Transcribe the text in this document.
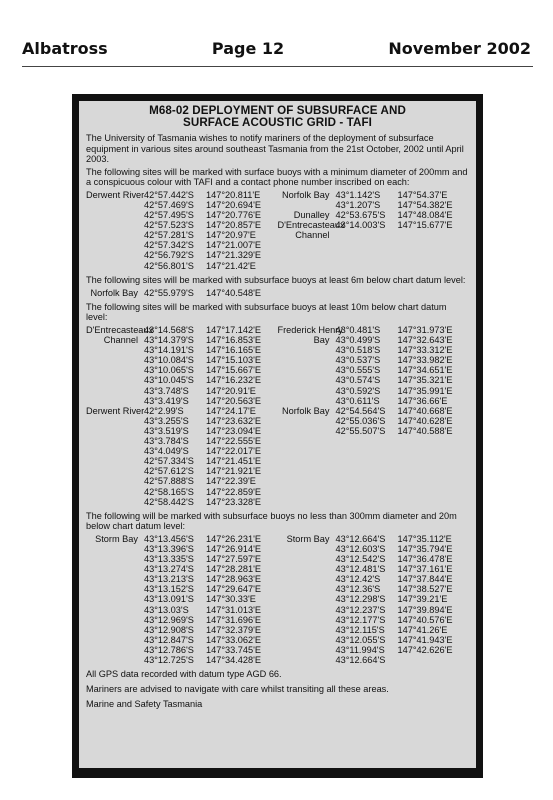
Albatross	Page 12	November 2002
M68-02 DEPLOYMENT OF SUBSURFACE AND
SURFACE ACOUSTIC GRID - TAFI
The University of Tasmania wishes to notify mariners of the deployment of subsurface equipment in various sites around southeast Tasmania from the 21st October, 2002 until April 2003.
The following sites will be marked with surface buoys with a minimum diameter of 200mm and a conspicuous colour with TAFI and a contact phone number inscribed on each:
Derwent River 42°57.442'S	147°20.811'E
42°57.469'S	147°20.694'E
42°57.495'S	147°20.776'E
42°57.523'S	147°20.857'E
42°57.281'S	147°20.97'E
42°57.342'S	147°21.007'E
42°56.792'S	147°21.329'E
42°56.801'S	147°21.42'E
Norfolk Bay 43°1.142'S	147°54.37'E
43°1.207'S	147°54.382'E
Dunalley 42°53.675'S	147°48.084'E
D'Entrecasteaux
43°14.003'S	147°15.677'E
Channel
The following sites will be marked with subsurface buoys at least 6m below chart datum level:
Norfolk Bay 42°55.979'S	147°40.548'E
The following sites will be marked with subsurface buoys at least 10m below chart datum level:
D'Entrecasteaux
43°14.568'S	147°17.142'E
Channel 43°14.379'S	147°16.853'E
43°14.191'S	147°16.165'E
43°10.084'S	147°15.103'E
43°10.065'S	147°15.667'E
43°10.045'S	147°16.232'E
43°3.748'S	147°20.91'E
43°3.419'S	147°20.563'E
Derwent River 42°2.99'S	147°24.17'E
43°3.255'S	147°23.632'E
43°3.519'S	147°23.094'E
43°3.784'S	147°22.555'E
43°4.049'S	147°22.017'E
42°57.334'S	147°21.451'E
42°57.612'S	147°21.921'E
42°57.888'S	147°22.39'E
42°58.165'S	147°22.859'E
42°58.442'S	147°23.328'E
Frederick Henry
43°0.481'S	147°31.973'E
Bay 43°0.499'S	147°32.643'E
43°0.518'S	147°33.312'E
43°0.537'S	147°33.982'E
43°0.555'S	147°34.651'E
43°0.574'S	147°35.321'E
43°0.592'S	147°35.991'E
43°0.611'S	147°36.66'E
Norfolk Bay 42°54.564'S	147°40.668'E
42°55.036'S	147°40.628'E
42°55.507'S	147°40.588'E
The following will be marked with subsurface buoys no less than 300mm diameter and 20m below chart datum level:
Storm Bay 43°13.456'S	147°26.231'E
43°13.396'S	147°26.914'E
43°13.335'S	147°27.597'E
43°13.274'S	147°28.281'E
43°13.213'S	147°28.963'E
43°13.152'S	147°29.647'E
43°13.091'S	147°30.33'E
43°13.03'S	147°31.013'E
43°12.969'S	147°31.696'E
43°12.908'S	147°32.379'E
43°12.847'S	147°33.062'E
43°12.786'S	147°33.745'E
43°12.725'S	147°34.428'E
Storm Bay 43°12.664'S	147°35.112'E
43°12.603'S	147°35.794'E
43°12.542'S	147°36.478'E
43°12.481'S	147°37.161'E
43°12.42'S	147°37.844'E
43°12.36'S	147°38.527'E
43°12.298'S	147°39.21'E
43°12.237'S	147°39.894'E
43°12.177'S	147°40.576'E
43°12.115'S	147°41.26'E
43°12.055'S	147°41.943'E
43°11.994'S	147°42.626'E
43°12.664'S
All GPS data recorded with datum type AGD 66.
Mariners are advised to navigate with care whilst transiting all these areas.
Marine and Safety Tasmania
